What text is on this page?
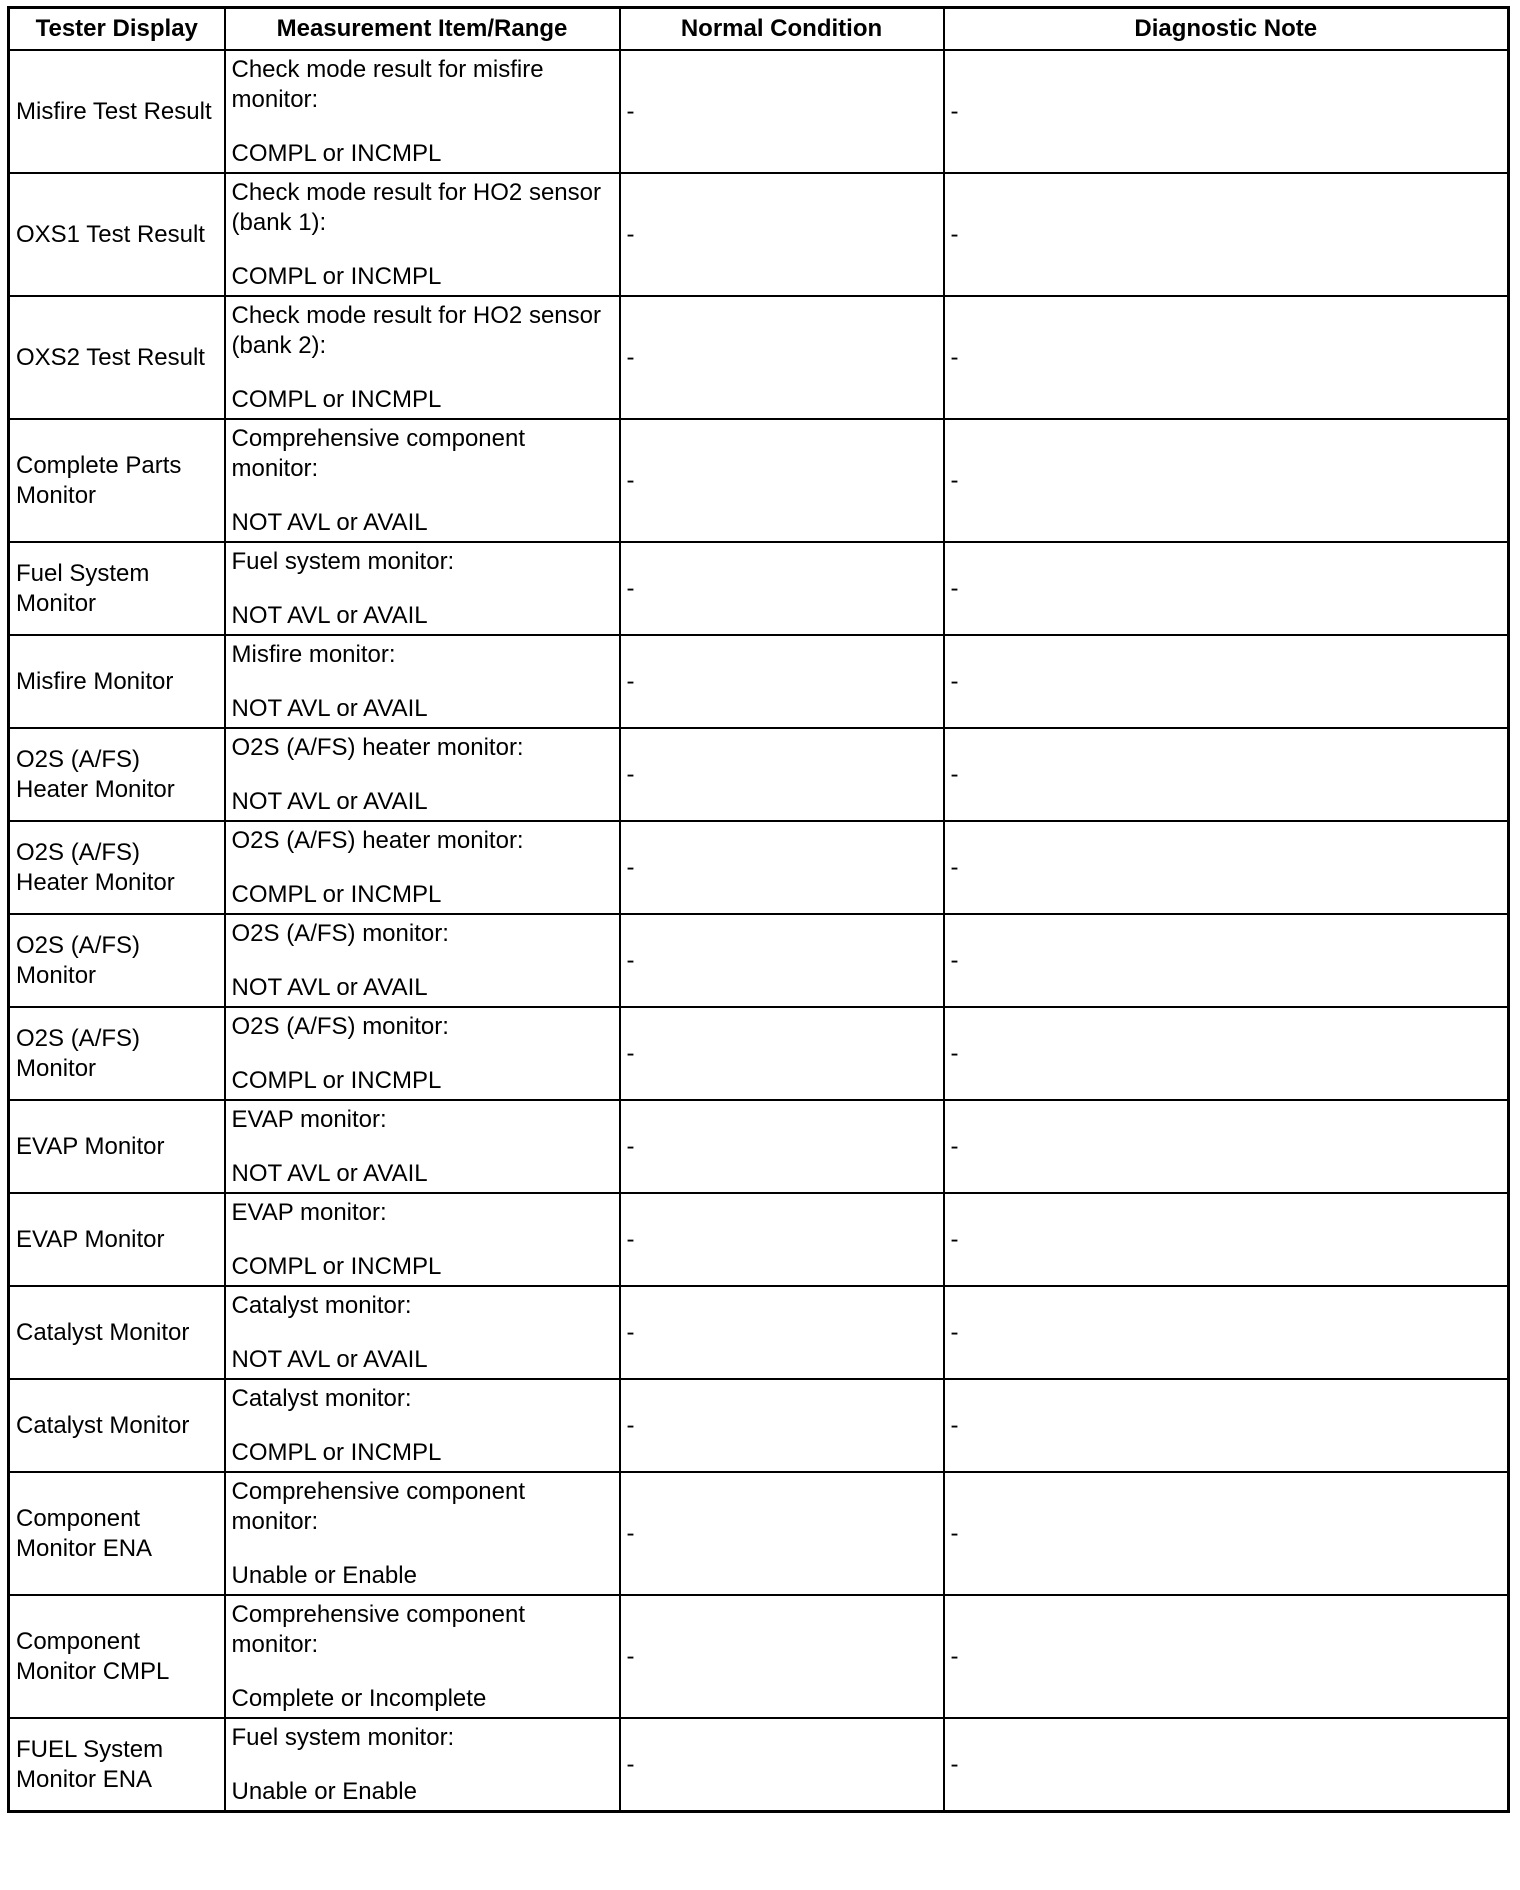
Tester Display	Measurement Item/Range	Normal Condition	Diagnostic Note
Misfire Test Result	Check mode result for misfire monitor:
COMPL or INCMPL	-	-
OXS1 Test Result	Check mode result for HO2 sensor (bank 1):
COMPL or INCMPL	-	-
OXS2 Test Result	Check mode result for HO2 sensor (bank 2):
COMPL or INCMPL	-	-
Complete Parts Monitor	Comprehensive component monitor:
NOT AVL or AVAIL	-	-
Fuel System Monitor	Fuel system monitor:
NOT AVL or AVAIL	-	-
Misfire Monitor	Misfire monitor:
NOT AVL or AVAIL	-	-
O2S (A/FS) Heater Monitor	O2S (A/FS) heater monitor:
NOT AVL or AVAIL	-	-
O2S (A/FS) Heater Monitor	O2S (A/FS) heater monitor:
COMPL or INCMPL	-	-
O2S (A/FS) Monitor	O2S (A/FS) monitor:
NOT AVL or AVAIL	-	-
O2S (A/FS) Monitor	O2S (A/FS) monitor:
COMPL or INCMPL	-	-
EVAP Monitor	EVAP monitor:
NOT AVL or AVAIL	-	-
EVAP Monitor	EVAP monitor:
COMPL or INCMPL	-	-
Catalyst Monitor	Catalyst monitor:
NOT AVL or AVAIL	-	-
Catalyst Monitor	Catalyst monitor:
COMPL or INCMPL	-	-
Component Monitor ENA	Comprehensive component monitor:
Unable or Enable	-	-
Component Monitor CMPL	Comprehensive component monitor:
Complete or Incomplete	-	-
FUEL System Monitor ENA	Fuel system monitor:
Unable or Enable	-	-
